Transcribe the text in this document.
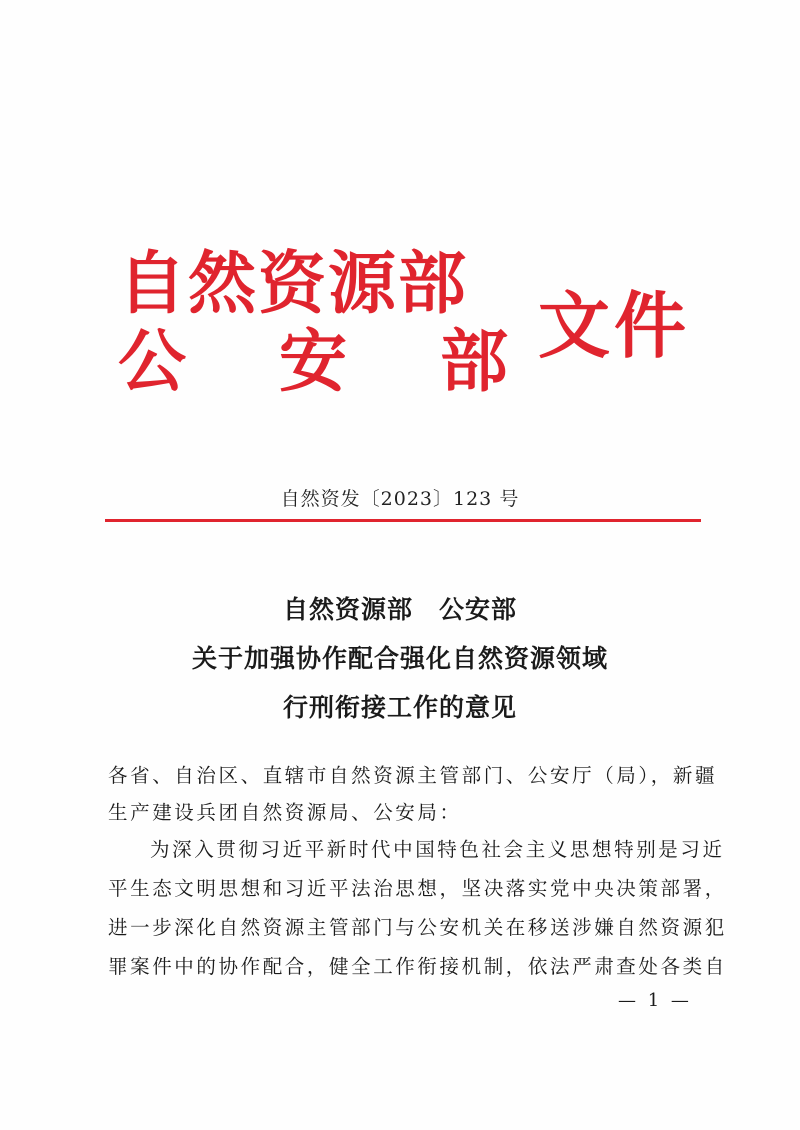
自然资源部
公 安 部 文件
自然资发〔2023〕123 号
自然资源部　公安部
关于加强协作配合强化自然资源领域
行刑衔接工作的意见
各省、自治区、直辖市自然资源主管部门、公安厅（局），新疆
生产建设兵团自然资源局、公安局：
为深入贯彻习近平新时代中国特色社会主义思想特别是习近
平生态文明思想和习近平法治思想，坚决落实党中央决策部署，
进一步深化自然资源主管部门与公安机关在移送涉嫌自然资源犯
罪案件中的协作配合，健全工作衔接机制，依法严肃查处各类自
— 1 —
